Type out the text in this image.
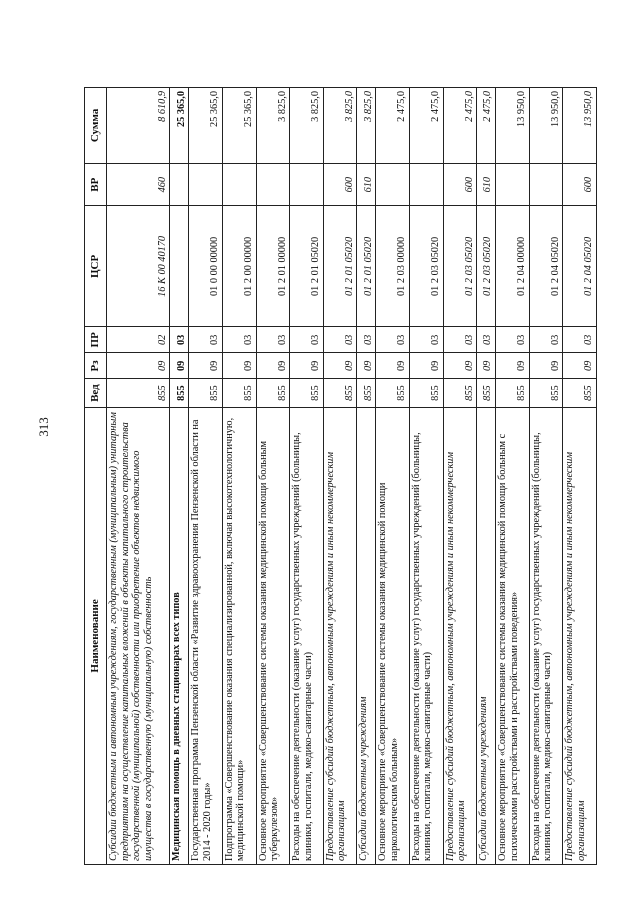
313
Наименование	Вед	Рз	ПР	ЦСР	ВР	Сумма
Субсидии бюджетным и автономным учреждениям, государственным (муниципальным) унитарным предприятиям на осуществление капитальных вложений в объекты капитального строительства государственной (муниципальной) собственности или приобретение объектов недвижимого имущества в государственную (муниципальную) собственность	855	09	02	16 К 00 40170	460	8 610,9
Медицинская помощь в дневных стационарах всех типов	855	09	03			25 365,0
Государственная программа Пензенской области «Развитие здравоохранения Пензенской области на 2014 - 2020 годы»	855	09	03	01 0 00 00000		25 365,0
Подпрограмма «Совершенствование оказания специализированной, включая высокотехнологичную, медицинской помощи»	855	09	03	01 2 00 00000		25 365,0
Основное мероприятие «Совершенствование системы оказания медицинской помощи больным туберкулезом»	855	09	03	01 2 01 00000		3 825,0
Расходы на обеспечение деятельности (оказание услуг) государственных учреждений (больницы, клиники, госпитали, медико-санитарные части)	855	09	03	01 2 01 05020		3 825,0
Предоставление субсидий бюджетным, автономным учреждениям и иным некоммерческим организациям	855	09	03	01 2 01 05020	600	3 825,0
Субсидии бюджетным учреждениям	855	09	03	01 2 01 05020	610	3 825,0
Основное мероприятие «Совершенствование системы оказания медицинской помощи наркологическим больным»	855	09	03	01 2 03 00000		2 475,0
Расходы на обеспечение деятельности (оказание услуг) государственных учреждений (больницы, клиники, госпитали, медико-санитарные части)	855	09	03	01 2 03 05020		2 475,0
Предоставление субсидий бюджетным, автономным учреждениям и иным некоммерческим организациям	855	09	03	01 2 03 05020	600	2 475,0
Субсидии бюджетным учреждениям	855	09	03	01 2 03 05020	610	2 475,0
Основное мероприятие «Совершенствование системы оказания медицинской помощи больным с психическими расстройствами и расстройствами поведения»	855	09	03	01 2 04 00000		13 950,0
Расходы на обеспечение деятельности (оказание услуг) государственных учреждений (больницы, клиники, госпитали, медико-санитарные части)	855	09	03	01 2 04 05020		13 950,0
Предоставление субсидий бюджетным, автономным учреждениям и иным некоммерческим организациям	855	09	03	01 2 04 05020	600	13 950,0
